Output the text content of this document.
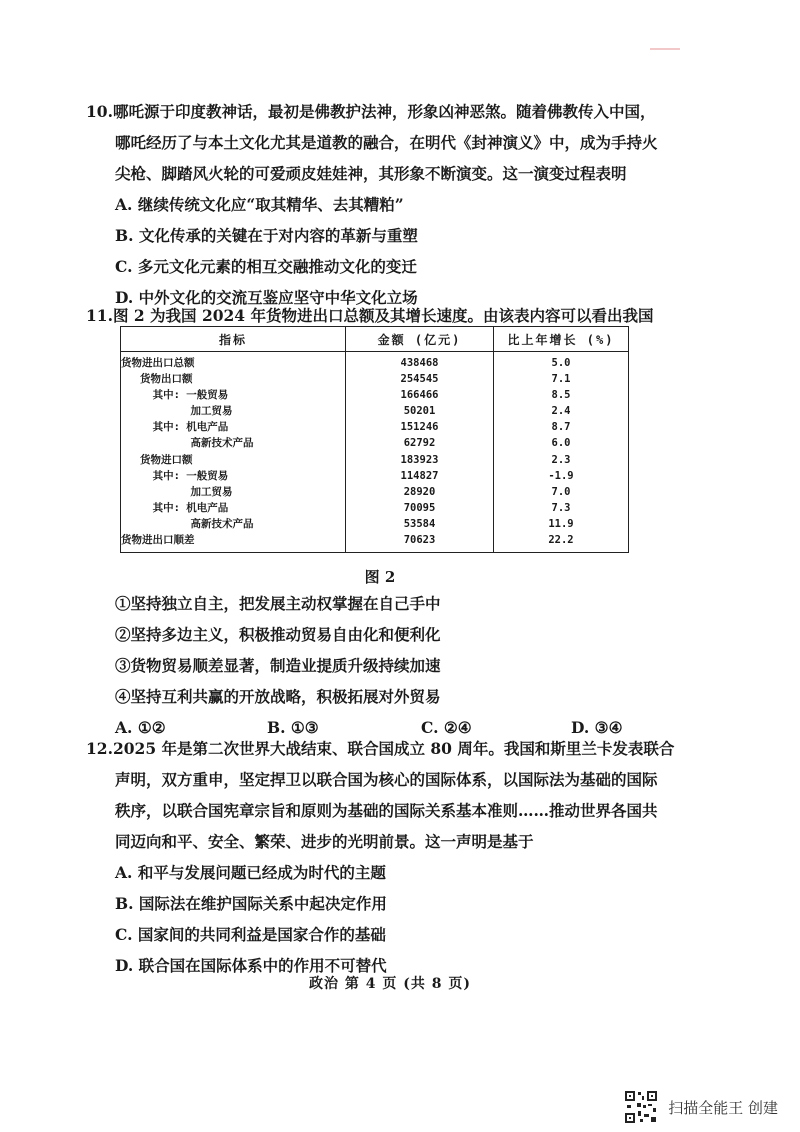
10.哪吒源于印度教神话，最初是佛教护法神，形象凶神恶煞。随着佛教传入中国，

哪吒经历了与本土文化尤其是道教的融合，在明代《封神演义》中，成为手持火

尖枪、脚踏风火轮的可爱顽皮娃娃神，其形象不断演变。这一演变过程表明

A. 继续传统文化应“取其精华、去其糟粕”

B. 文化传承的关键在于对内容的革新与重塑

C. 多元文化元素的相互交融推动文化的变迁

D. 中外文化的交流互鉴应坚守中华文化立场

11.图 2 为我国 2024 年货物进出口总额及其增长速度。由该表内容可以看出我国

指标	金额 (亿元)	比上年增长 (%)
货物进出口总额	438468	5.0
货物出口额	254545	7.1
其中: 一般贸易	166466	8.5
加工贸易	50201	2.4
其中: 机电产品	151246	8.7
高新技术产品	62792	6.0
货物进口额	183923	2.3
其中: 一般贸易	114827	-1.9
加工贸易	28920	7.0
其中: 机电产品	70095	7.3
高新技术产品	53584	11.9
货物进出口顺差	70623	22.2
图 2

①坚持独立自主，把发展主动权掌握在自己手中

②坚持多边主义，积极推动贸易自由化和便利化

③货物贸易顺差显著，制造业提质升级持续加速

④坚持互利共赢的开放战略，积极拓展对外贸易

A. ①②	B. ①③	C. ②④	D. ③④

12.2025 年是第二次世界大战结束、联合国成立 80 周年。我国和斯里兰卡发表联合

声明，双方重申，坚定捍卫以联合国为核心的国际体系，以国际法为基础的国际

秩序，以联合国宪章宗旨和原则为基础的国际关系基本准则……推动世界各国共

同迈向和平、安全、繁荣、进步的光明前景。这一声明是基于

A. 和平与发展问题已经成为时代的主题

B. 国际法在维护国际关系中起决定作用

C. 国家间的共同利益是国家合作的基础

D. 联合国在国际体系中的作用不可替代

政治 第 4 页 (共 8 页)
扫描全能王 创建
